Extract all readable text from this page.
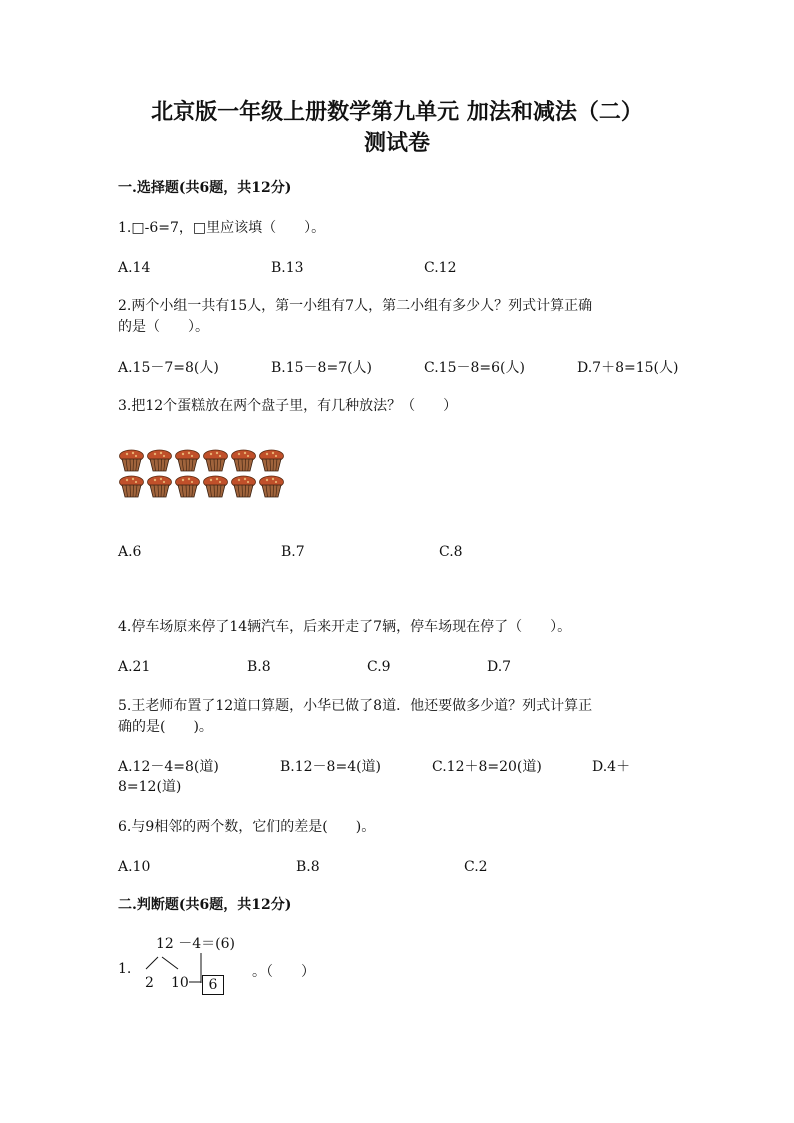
北京版一年级上册数学第九单元 加法和减法（二）
测试卷
一.选择题(共6题，共12分)
1.□-6=7，□里应该填（　　）。
A.14	B.13	C.12
2.两个小组一共有15人，第一小组有7人，第二小组有多少人？列式计算正确
的是（　　）。
A.15－7=8(人)	B.15－8=7(人)	C.15－8=6(人)	D.7＋8=15(人)
3.把12个蛋糕放在两个盘子里，有几种放法？（　　）
A.6	B.7	C.8
4.停车场原来停了14辆汽车，后来开走了7辆，停车场现在停了（　　）。
A.21	B.8	C.9	D.7
5.王老师布置了12道口算题，小华已做了8道．他还要做多少道？列式计算正
确的是(　　)。
A.12－4=8(道)	B.12－8=4(道)	C.12＋8=20(道)	D.4＋
8=12(道)
6.与9相邻的两个数，它们的差是(　　)。
A.10	B.8	C.2
二.判断题(共6题，共12分)
1.
12 －4＝(6)
2 10	6
。（　　）
